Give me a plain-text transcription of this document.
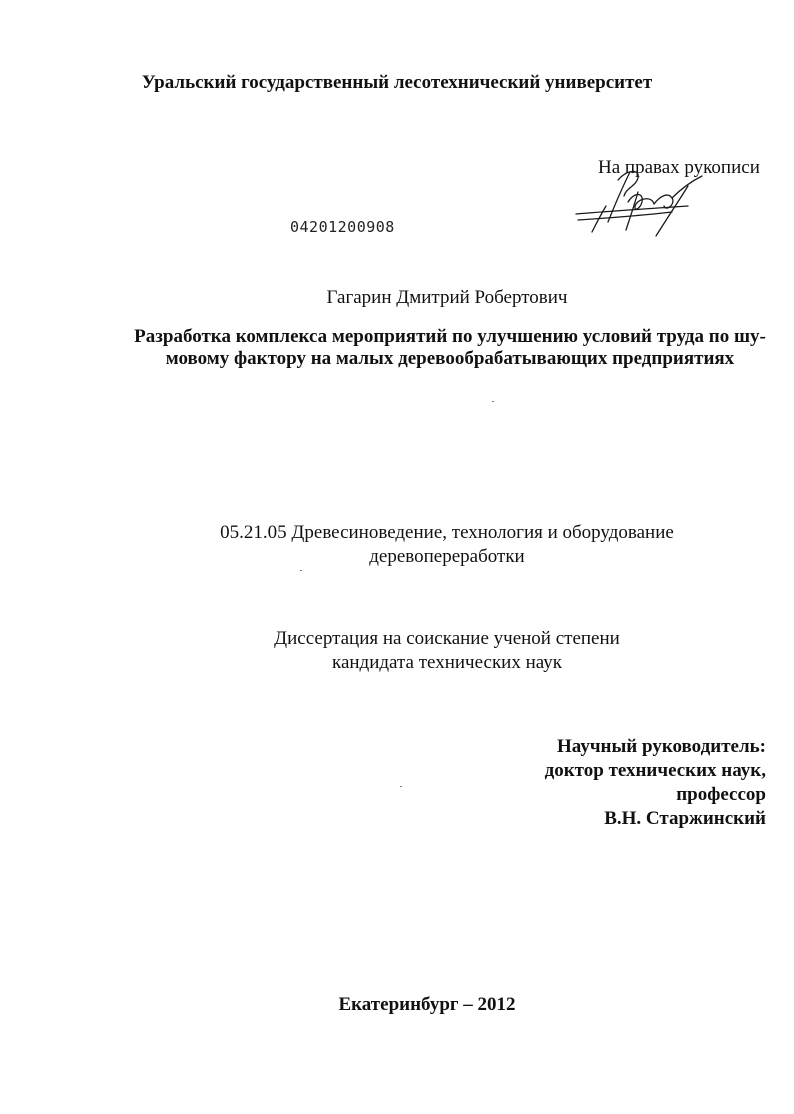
Уральский государственный лесотехнический университет
На правах рукописи
04201200908
Гагарин Дмитрий Робертович
Разработка комплекса мероприятий по улучшению условий труда по шу-
мовому фактору на малых деревообрабатывающих предприятиях
05.21.05 Древесиноведение, технология и оборудование
деревопереработки
Диссертация на соискание ученой степени
кандидата технических наук
Научный руководитель:
доктор технических наук,
профессор
В.Н. Старжинский
Екатеринбург – 2012
